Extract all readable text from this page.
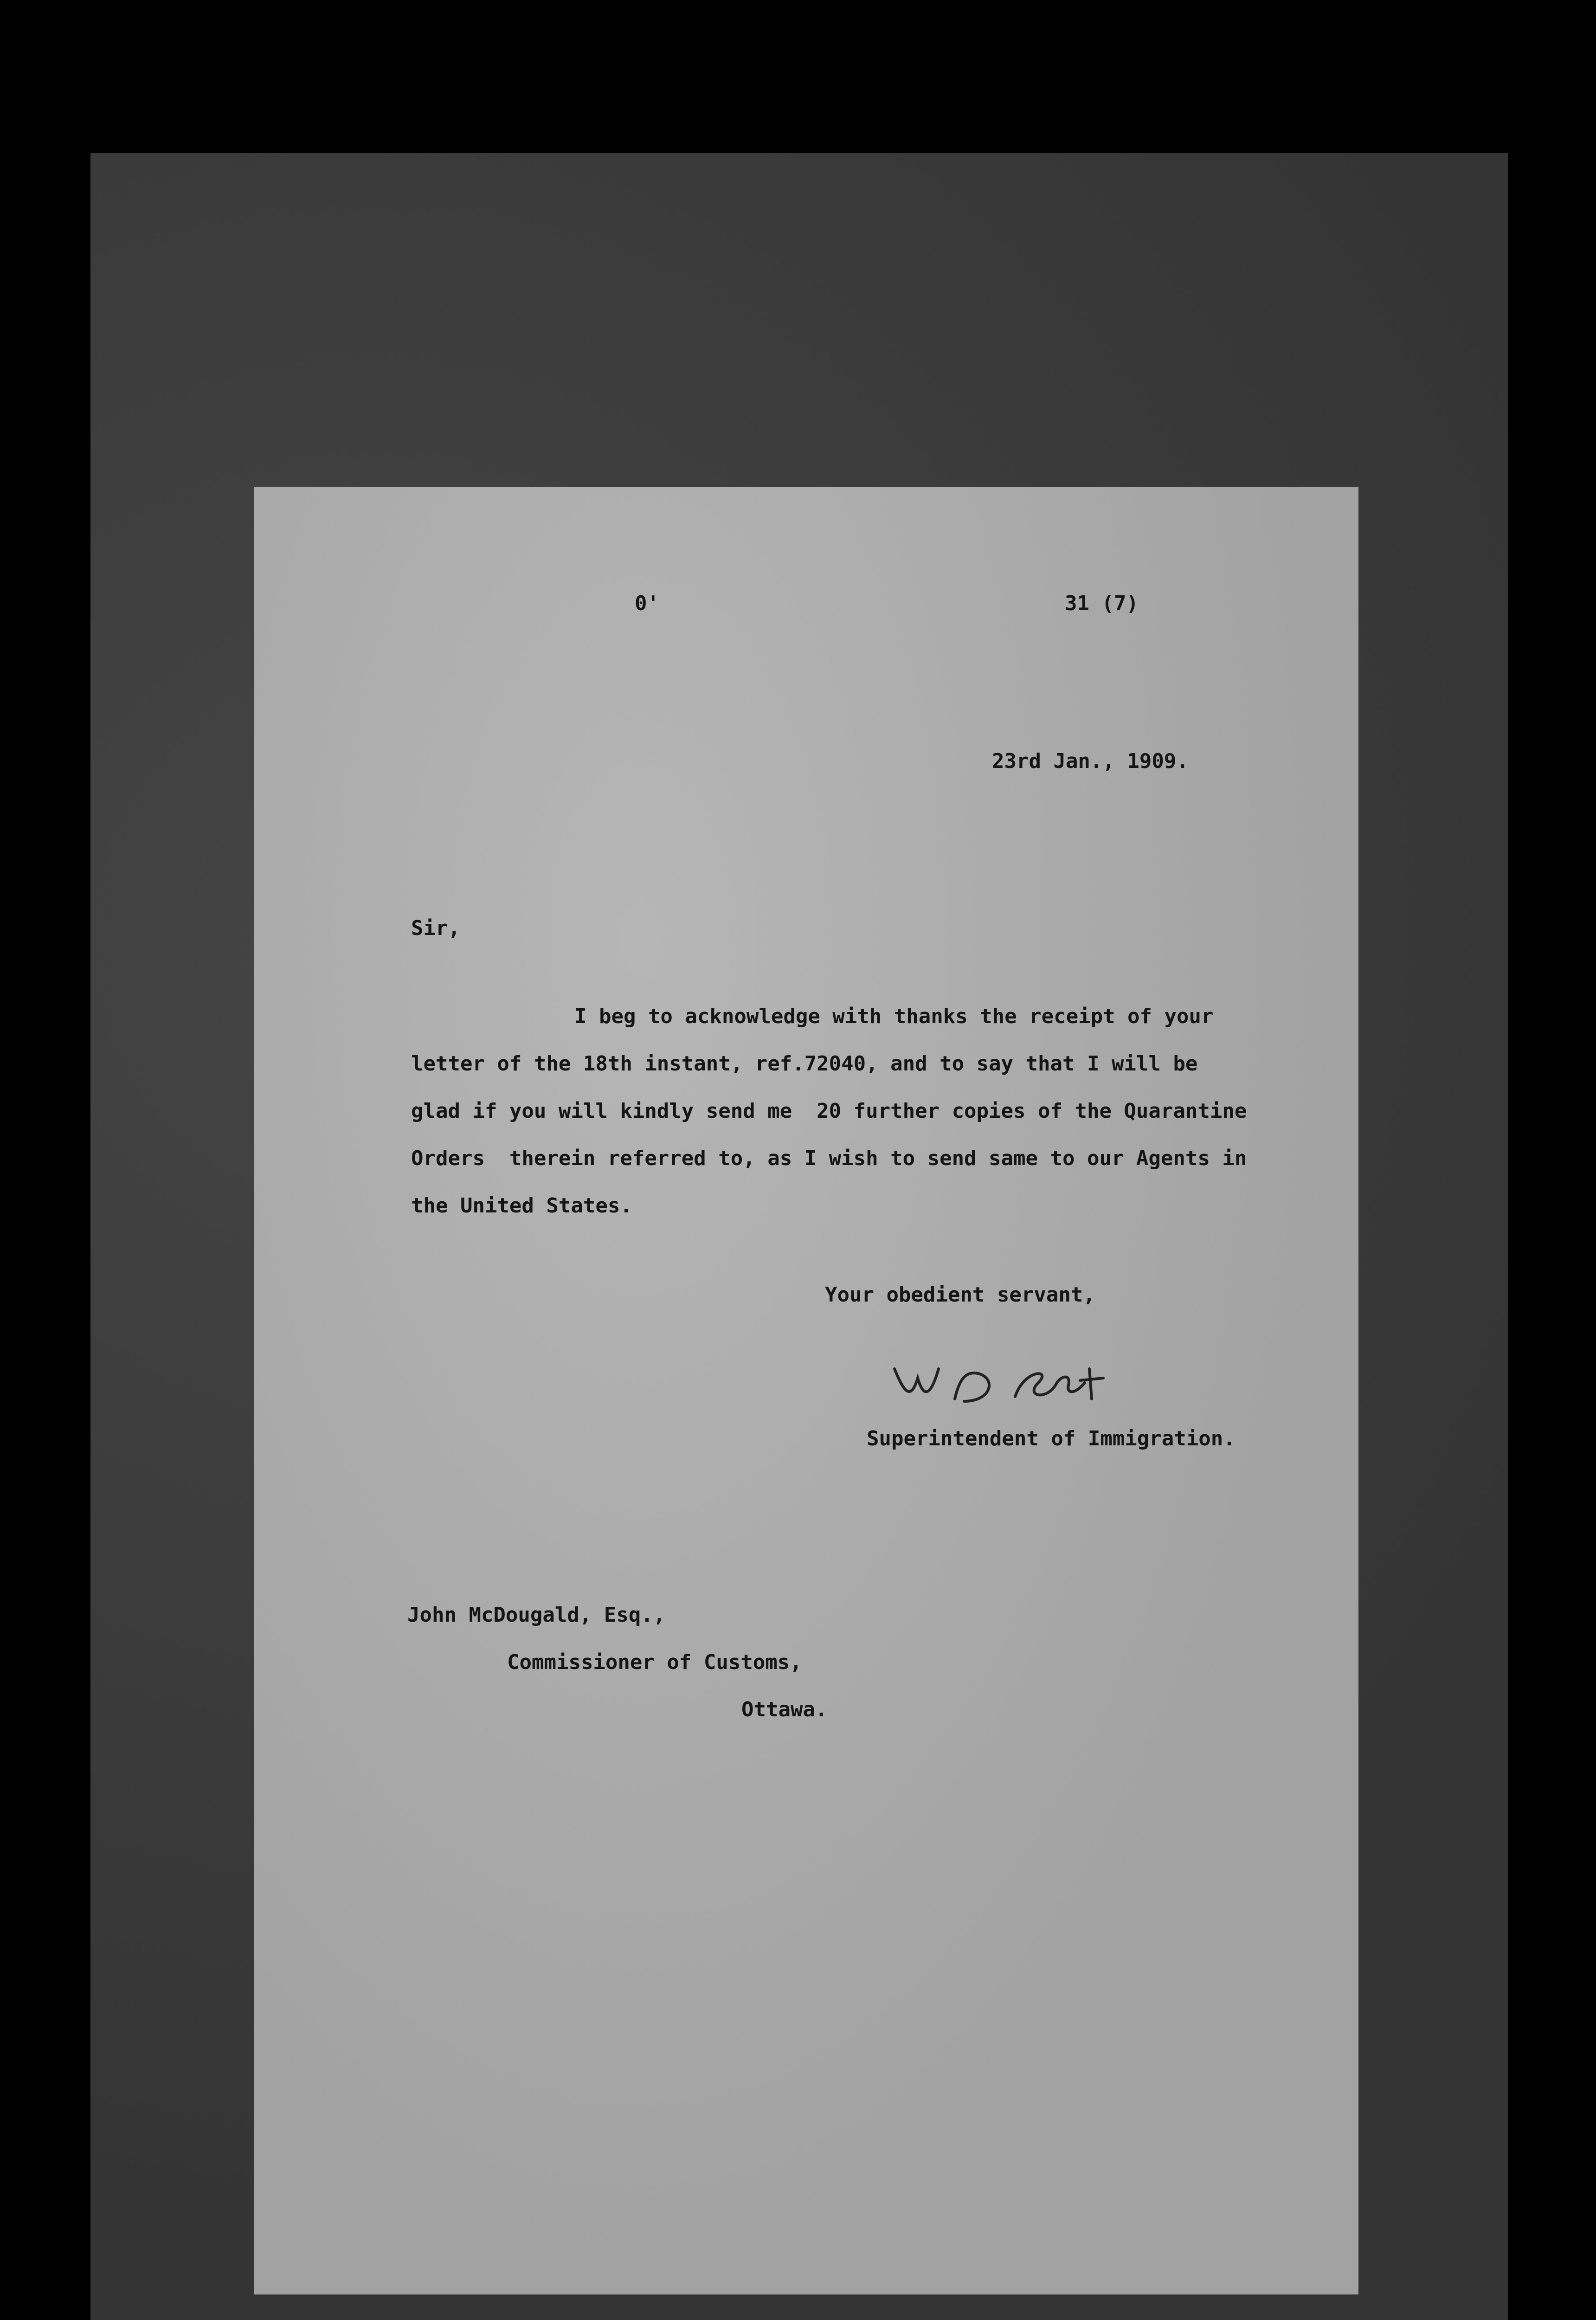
0'	31 (7)
23rd Jan., 1909.
Sir,
I beg to acknowledge with thanks the receipt of your
letter of the 18th instant, ref.72040, and to say that I will be
glad if you will kindly send me  20 further copies of the Quarantine
Orders  therein referred to, as I wish to send same to our Agents in
the United States.
Your obedient servant,
Superintendent of Immigration.
John McDougald, Esq.,
Commissioner of Customs,
Ottawa.
